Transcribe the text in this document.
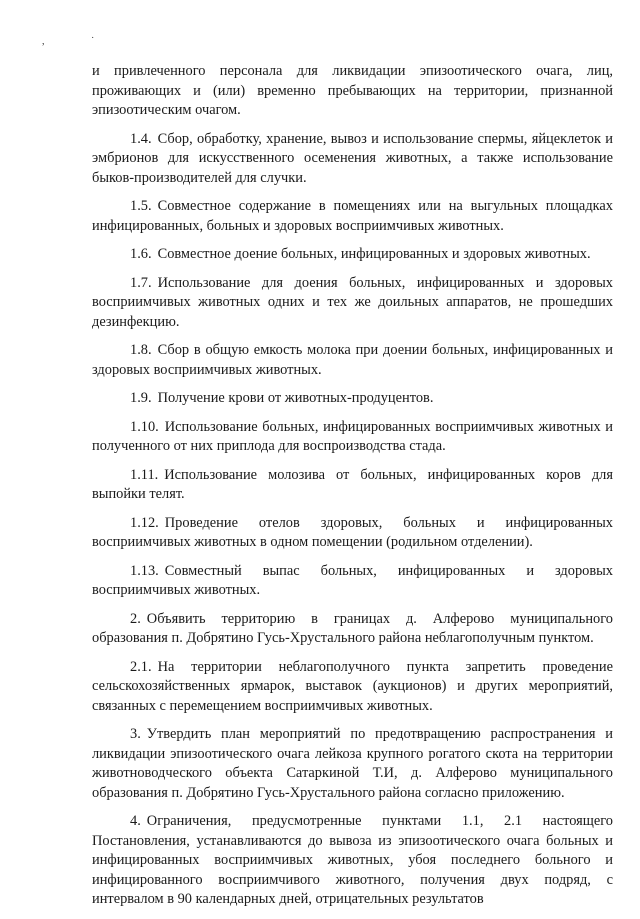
, ˙

и привлеченного персонала для ликвидации эпизоотического очага, лиц, проживающих и (или) временно пребывающих на территории, признанной эпизоотическим очагом.

1.4. Сбор, обработку, хранение, вывоз и использование спермы, яйцеклеток и эмбрионов для искусственного осеменения животных, а также использование быков-производителей для случки.

1.5. Совместное содержание в помещениях или на выгульных площадках инфицированных, больных и здоровых восприимчивых животных.

1.6. Совместное доение больных, инфицированных и здоровых животных.

1.7. Использование для доения больных, инфицированных и здоровых восприимчивых животных одних и тех же доильных аппаратов, не прошедших дезинфекцию.

1.8. Сбор в общую емкость молока при доении больных, инфицированных и здоровых восприимчивых животных.

1.9. Получение крови от животных-продуцентов.

1.10. Использование больных, инфицированных восприимчивых животных и полученного от них приплода для воспроизводства стада.

1.11. Использование молозива от больных, инфицированных коров для выпойки телят.

1.12. Проведение отелов здоровых, больных и инфицированных восприимчивых животных в одном помещении (родильном отделении).

1.13. Совместный выпас больных, инфицированных и здоровых восприимчивых животных.

2. Объявить территорию в границах д. Алферово муниципального образования п. Добрятино Гусь-Хрустального района неблагополучным пунктом.

2.1. На территории неблагополучного пункта запретить проведение сельскохозяйственных ярмарок, выставок (аукционов) и других мероприятий, связанных с перемещением восприимчивых животных.

3. Утвердить план мероприятий по предотвращению распространения и ликвидации эпизоотического очага лейкоза крупного рогатого скота на территории животноводческого объекта Сатаркиной Т.И, д. Алферово муниципального образования п. Добрятино Гусь-Хрустального района согласно приложению.

4. Ограничения, предусмотренные пунктами 1.1, 2.1 настоящего Постановления, устанавливаются до вывоза из эпизоотического очага больных и инфицированных восприимчивых животных, убоя последнего больного и инфицированного восприимчивого животного, получения двух подряд, с интервалом в 90 календарных дней, отрицательных результатов
